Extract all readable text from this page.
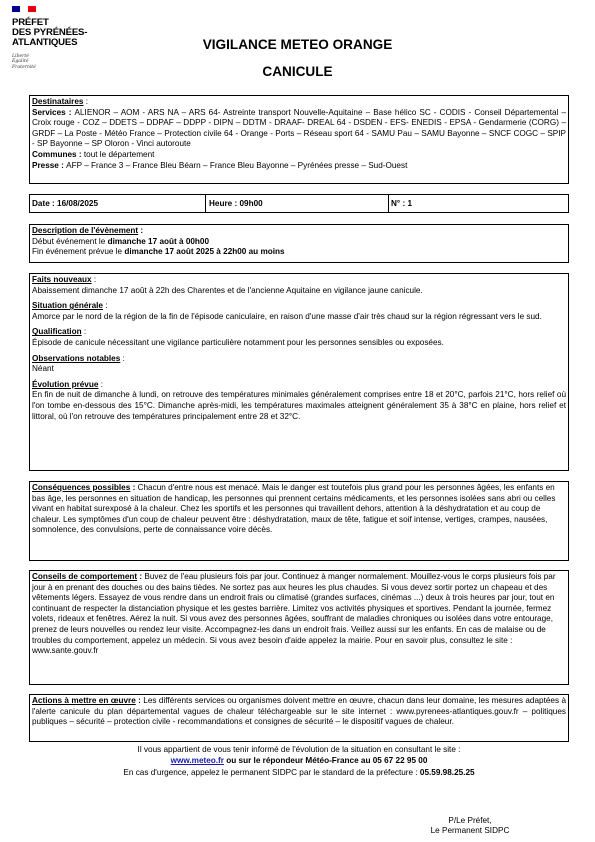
PRÉFET
DES PYRÉNÉES-
ATLANTIQUES
Liberté
Égalité
Fraternité
VIGILANCE METEO ORANGE
CANICULE

Destinataires :

Services : ALIENOR – AOM - ARS NA – ARS 64- Astreinte transport Nouvelle-Aquitaine – Base hélico SC - CODIS - Conseil Départemental – Croix rouge - COZ – DDETS – DDPAF – DDPP - DIPN – DDTM - DRAAF- DREAL 64 - DSDEN - EFS- ENEDIS - EPSA - Gendarmerie (CORG) – GRDF – La Poste - Météo France – Protection civile 64 - Orange - Ports – Réseau sport 64 - SAMU Pau – SAMU Bayonne – SNCF COGC – SPIP - SP Bayonne – SP Oloron - Vinci autoroute

Communes : tout le département

Presse : AFP – France 3 – France Bleu Béarn – France Bleu Bayonne – Pyrénées presse – Sud-Ouest

Date : 16/08/2025	Heure : 09h00	N° : 1

Description de l'évènement :

Début événement le dimanche 17 août à 00h00

Fin événement prévue le dimanche 17 août 2025 à 22h00 au moins

Faits nouveaux :

Abaissement dimanche 17 août à 22h des Charentes et de l'ancienne Aquitaine en vigilance jaune canicule.

Situation générale :

Amorce par le nord de la région de la fin de l'épisode caniculaire, en raison d'une masse d'air très chaud sur la région régressant vers le sud.

Qualification :

Épisode de canicule nécessitant une vigilance particulière notamment pour les personnes sensibles ou exposées.

Observations notables :

Néant

Évolution prévue :

En fin de nuit de dimanche à lundi, on retrouve des températures minimales généralement comprises entre 18 et 20°C, parfois 21°C, hors relief où l'on tombe en-dessous des 15°C. Dimanche après-midi, les températures maximales atteignent généralement 35 à 38°C en plaine, hors relief et littoral, où l'on retrouve des températures principalement entre 28 et 32°C.

Conséquences possibles : Chacun d'entre nous est menacé. Mais le danger est toutefois plus grand pour les personnes âgées, les enfants en bas âge, les personnes en situation de handicap, les personnes qui prennent certains médicaments, et les personnes isolées sans abri ou celles vivant en habitat surexposé à la chaleur. Chez les sportifs et les personnes qui travaillent dehors, attention à la déshydratation et au coup de chaleur. Les symptômes d'un coup de chaleur peuvent être : déshydratation, maux de tête, fatigue et soif intense, vertiges, crampes, nausées, somnolence, des convulsions, perte de connaissance voire décès.

Conseils de comportement : Buvez de l'eau plusieurs fois par jour. Continuez à manger normalement. Mouillez-vous le corps plusieurs fois par jour à en prenant des douches ou des bains tièdes. Ne sortez pas aux heures les plus chaudes. Si vous devez sortir portez un chapeau et des vêtements légers. Essayez de vous rendre dans un endroit frais ou climatisé (grandes surfaces, cinémas ...) deux à trois heures par jour, tout en continuant de respecter la distanciation physique et les gestes barrière. Limitez vos activités physiques et sportives. Pendant la journée, fermez volets, rideaux et fenêtres. Aérez la nuit. Si vous avez des personnes âgées, souffrant de maladies chroniques ou isolées dans votre entourage, prenez de leurs nouvelles ou rendez leur visite. Accompagnez-les dans un endroit frais. Veillez aussi sur les enfants. En cas de malaise ou de troubles du comportement, appelez un médecin. Si vous avez besoin d'aide appelez la mairie. Pour en savoir plus, consultez le site :

www.sante.gouv.fr

Actions à mettre en œuvre : Les différents services ou organismes doivent mettre en œuvre, chacun dans leur domaine, les mesures adaptées à l'alerte canicule du plan départemental vagues de chaleur téléchargeable sur le site internet : www.pyrenees-atlantiques.gouv.fr – politiques publiques – sécurité – protection civile - recommandations et consignes de sécurité – le dispositif vagues de chaleur.

Il vous appartient de vous tenir informé de l'évolution de la situation en consultant le site :

www.meteo.fr ou sur le répondeur Météo-France au 05 67 22 95 00

En cas d'urgence, appelez le permanent SIDPC par le standard de la préfecture : 05.59.98.25.25

P/Le Préfet,

Le Permanent SIDPC
